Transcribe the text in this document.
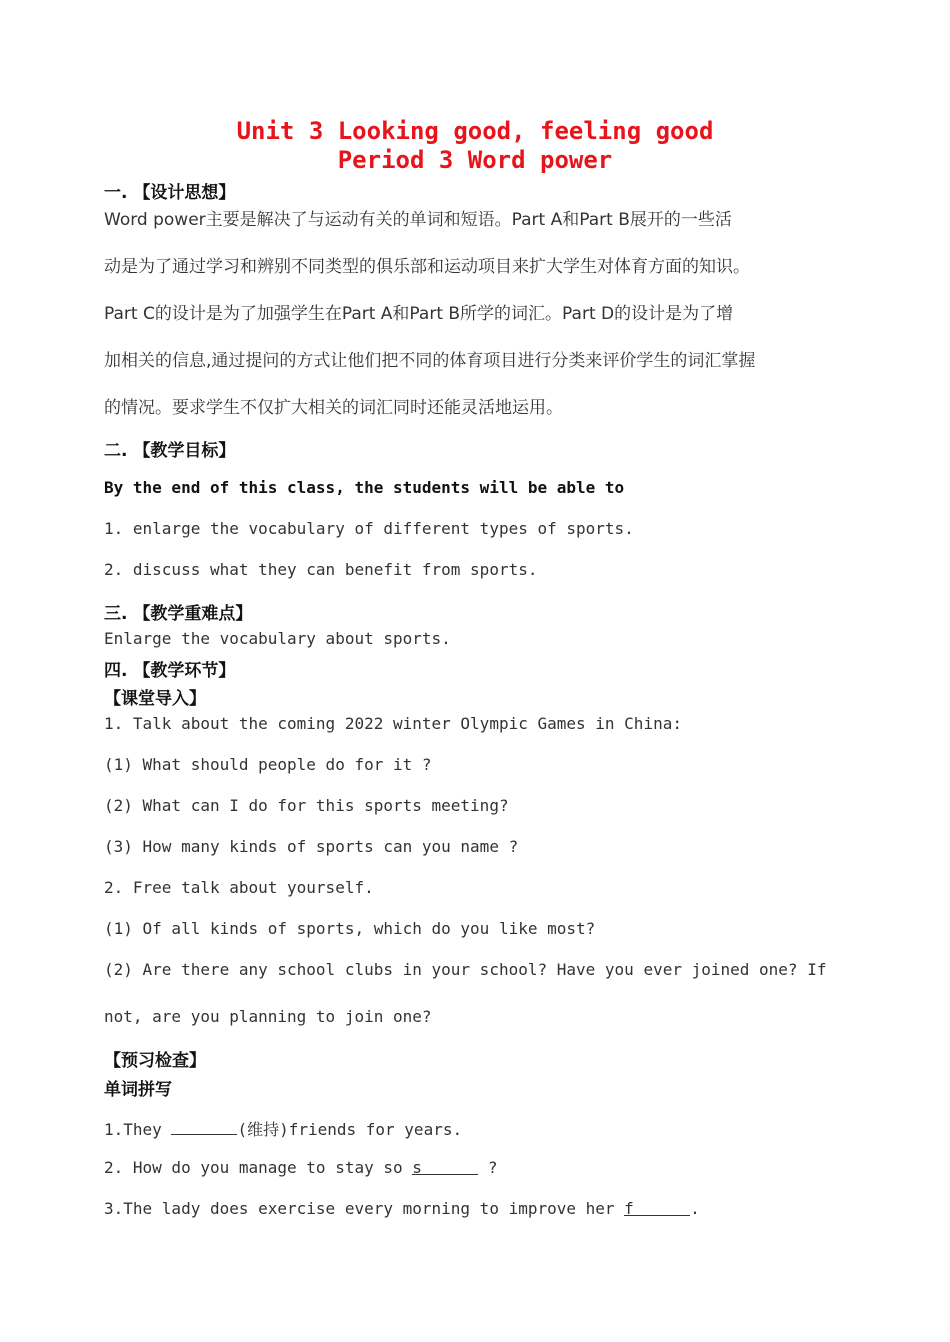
Unit 3 Looking good, feeling good
Period 3 Word power
一. 【设计思想】
Word power主要是解决了与运动有关的单词和短语。Part A和Part B展开的一些活
动是为了通过学习和辨别不同类型的俱乐部和运动项目来扩大学生对体育方面的知识。
Part C的设计是为了加强学生在Part A和Part B所学的词汇。Part D的设计是为了增
加相关的信息,通过提问的方式让他们把不同的体育项目进行分类来评价学生的词汇掌握
的情况。要求学生不仅扩大相关的词汇同时还能灵活地运用。
二. 【教学目标】
By the end of this class, the students will be able to
1. enlarge the vocabulary of different types of sports.
2. discuss what they can benefit from sports.
三. 【教学重难点】
Enlarge the vocabulary about sports.
四. 【教学环节】
【课堂导入】
1. Talk about the coming 2022 winter Olympic Games in China:
(1) What should people do for it ?
(2) What can I do for this sports meeting?
(3) How many kinds of sports can you name ?
2. Free talk about yourself.
(1) Of all kinds of sports, which do you like most?
(2) Are there any school clubs in your school? Have you ever joined one? If
not, are you planning to join one?
【预习检查】
单词拼写
1.They	(维持)friends for years.
2. How do you manage to stay so s	?
3.The lady does exercise every morning to improve her f	.
